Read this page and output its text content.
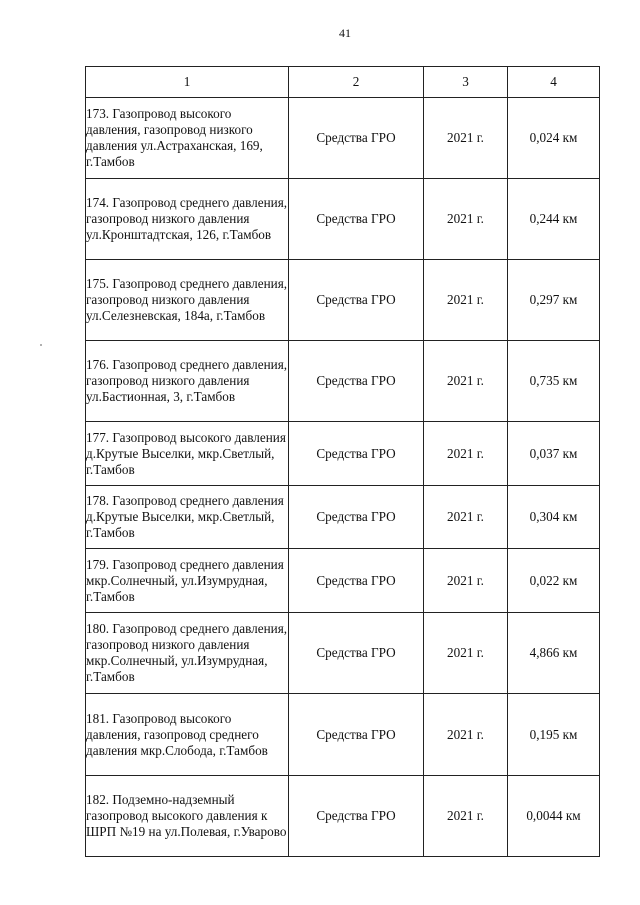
41
1	2	3	4
173. Газопровод высокого давления, газопровод низкого давления ул.Астраханская, 169, г.Тамбов	Средства ГРО	2021 г.	0,024 км
174. Газопровод среднего давления, газопровод низкого давления ул.Кронштадтская, 126, г.Тамбов	Средства ГРО	2021 г.	0,244 км
175. Газопровод среднего давления, газопровод низкого давления ул.Селезневская, 184а, г.Тамбов	Средства ГРО	2021 г.	0,297 км
176. Газопровод среднего давления, газопровод низкого давления ул.Бастионная, 3, г.Тамбов	Средства ГРО	2021 г.	0,735 км
177. Газопровод высокого давления д.Крутые Выселки, мкр.Светлый, г.Тамбов	Средства ГРО	2021 г.	0,037 км
178. Газопровод среднего давления д.Крутые Выселки, мкр.Светлый, г.Тамбов	Средства ГРО	2021 г.	0,304 км
179. Газопровод среднего давления мкр.Солнечный, ул.Изумрудная, г.Тамбов	Средства ГРО	2021 г.	0,022 км
180. Газопровод среднего давления, газопровод низкого давления мкр.Солнечный, ул.Изумрудная, г.Тамбов	Средства ГРО	2021 г.	4,866 км
181. Газопровод высокого давления, газопровод среднего давления мкр.Слобода, г.Тамбов	Средства ГРО	2021 г.	0,195 км
182. Подземно-надземный газопровод высокого давления к ШРП №19 на ул.Полевая, г.Уварово	Средства ГРО	2021 г.	0,0044 км
